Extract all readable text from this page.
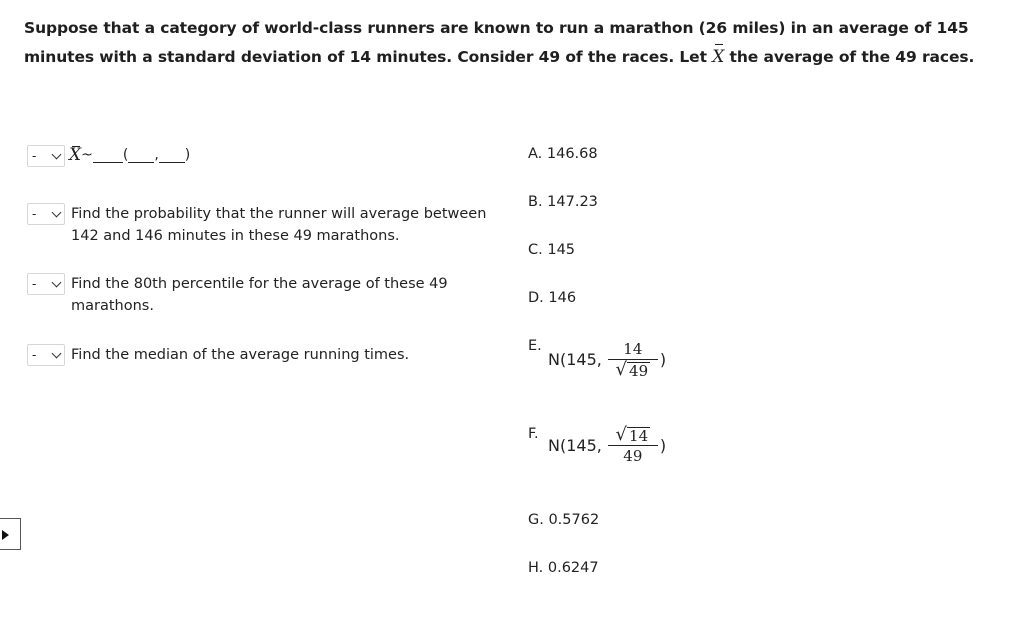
Suppose that a category of world-class runners are known to run a marathon (26 miles) in an average of 145 minutes with a standard deviation of 14 minutes. Consider 49 of the races. Let X the average of the 49 races.
- X ~ ( , )
- Find the probability that the runner will average between 142 and 146 minutes in these 49 marathons.
- Find the 80th percentile for the average of these 49 marathons.
- Find the median of the average running times.
A. 146.68
B. 147.23
C. 145
D. 146
E.
N(145, $\frac{14}{√ 49}$ )
F.
N(145, $\frac{√ 14}{49}$ )
G. 0.5762
H. 0.6247
